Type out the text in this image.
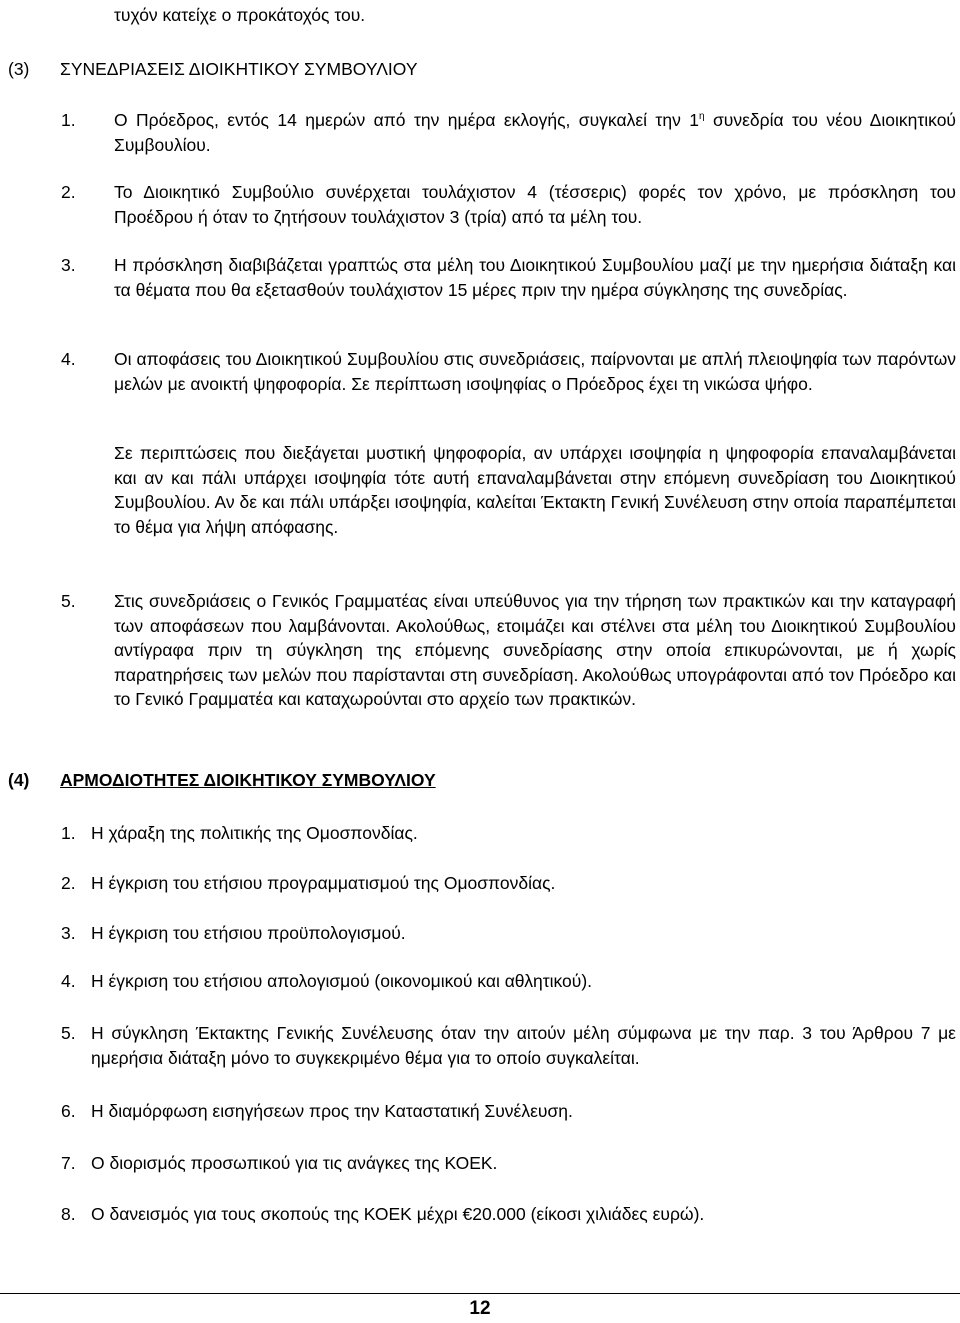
τυχόν κατείχε ο προκάτοχός του.
(3) ΣΥΝΕΔΡΙΑΣΕΙΣ ΔΙΟΙΚΗΤΙΚΟΥ ΣΥΜΒΟΥΛΙΟΥ
1.	Ο Πρόεδρος, εντός 14 ημερών από την ημέρα εκλογής, συγκαλεί την $1^\eta$ συνεδρία του νέου Διοικητικού Συμβουλίου.
2.	Το Διοικητικό Συμβούλιο συνέρχεται τουλάχιστον 4 (τέσσερις) φορές τον χρόνο, με πρόσκληση του Προέδρου ή όταν το ζητήσουν τουλάχιστον 3 (τρία) από τα μέλη του.
3.	Η πρόσκληση διαβιβάζεται γραπτώς στα μέλη του Διοικητικού Συμβουλίου μαζί με την ημερήσια διάταξη και τα θέματα που θα εξετασθούν τουλάχιστον 15 μέρες πριν την ημέρα σύγκλησης της συνεδρίας.
4.	Οι αποφάσεις του Διοικητικού Συμβουλίου στις συνεδριάσεις, παίρνονται με απλή πλειοψηφία των παρόντων μελών με ανοικτή ψηφοφορία. Σε περίπτωση ισοψηφίας ο Πρόεδρος έχει τη νικώσα ψήφο.
Σε περιπτώσεις που διεξάγεται μυστική ψηφοφορία, αν υπάρχει ισοψηφία η ψηφοφορία επαναλαμβάνεται και αν και πάλι υπάρχει ισοψηφία τότε αυτή επαναλαμβάνεται στην επόμενη συνεδρίαση του Διοικητικού Συμβουλίου. Αν δε και πάλι υπάρξει ισοψηφία, καλείται Έκτακτη Γενική Συνέλευση στην οποία παραπέμπεται το θέμα για λήψη απόφασης.
5.	Στις συνεδριάσεις ο Γενικός Γραμματέας είναι υπεύθυνος για την τήρηση των πρακτικών και την καταγραφή των αποφάσεων που λαμβάνονται. Ακολούθως, ετοιμάζει και στέλνει στα μέλη του Διοικητικού Συμβουλίου αντίγραφα πριν τη σύγκληση της επόμενης συνεδρίασης στην οποία επικυρώνονται, με ή χωρίς παρατηρήσεις των μελών που παρίστανται στη συνεδρίαση. Ακολούθως υπογράφονται από τον Πρόεδρο και το Γενικό Γραμματέα και καταχωρούνται στο αρχείο των πρακτικών.
(4) ΑΡΜΟΔΙΟΤΗΤΕΣ ΔΙΟΙΚΗΤΙΚΟΥ ΣΥΜΒΟΥΛΙΟΥ
1. Η χάραξη της πολιτικής της Ομοσπονδίας.
2. Η έγκριση του ετήσιου προγραμματισμού της Ομοσπονδίας.
3. Η έγκριση του ετήσιου προϋπολογισμού.
4. Η έγκριση του ετήσιου απολογισμού (οικονομικού και αθλητικού).
5. Η σύγκληση Έκτακτης Γενικής Συνέλευσης όταν την αιτούν μέλη σύμφωνα με την παρ. 3 του Άρθρου 7 με ημερήσια διάταξη μόνο το συγκεκριμένο θέμα για το οποίο συγκαλείται.
6. Η διαμόρφωση εισηγήσεων προς την Καταστατική Συνέλευση.
7. Ο διορισμός προσωπικού για τις ανάγκες της ΚΟΕΚ.
8. Ο δανεισμός για τους σκοπούς της ΚΟΕΚ μέχρι €20.000 (είκοσι χιλιάδες ευρώ).
12
